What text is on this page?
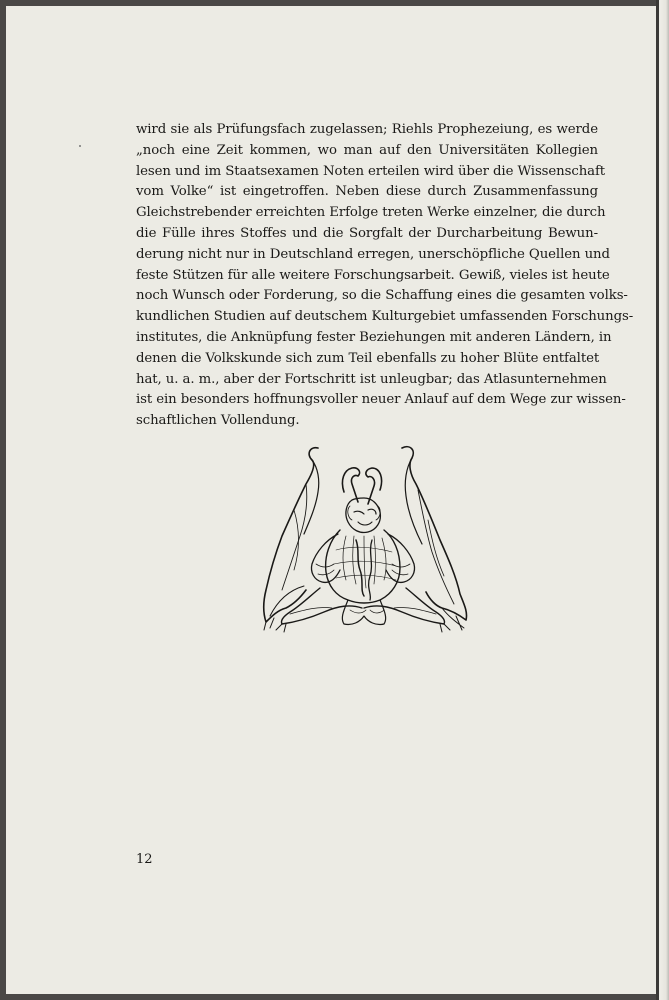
wird sie als Prüfungsfach zugelassen; Riehls Prophezeiung, es werde
„noch eine Zeit kommen, wo man auf den Universitäten Kollegien
lesen und im Staatsexamen Noten erteilen wird über die Wissenschaft
vom Volke“ ist eingetroffen. Neben diese durch Zusammenfassung
Gleichstrebender erreichten Erfolge treten Werke einzelner, die durch
die Fülle ihres Stoffes und die Sorgfalt der Durcharbeitung Bewun-
derung nicht nur in Deutschland erregen, unerschöpfliche Quellen und
feste Stützen für alle weitere Forschungsarbeit. Gewiß, vieles ist heute
noch Wunsch oder Forderung, so die Schaffung eines die gesamten volks-
kundlichen Studien auf deutschem Kulturgebiet umfassenden Forschungs-
institutes, die Anknüpfung fester Beziehungen mit anderen Ländern, in
denen die Volkskunde sich zum Teil ebenfalls zu hoher Blüte entfaltet
hat, u. a. m., aber der Fortschritt ist unleugbar; das Atlasunternehmen
ist ein besonders hoffnungsvoller neuer Anlauf auf dem Wege zur wissen-
schaftlichen Vollendung.
12
